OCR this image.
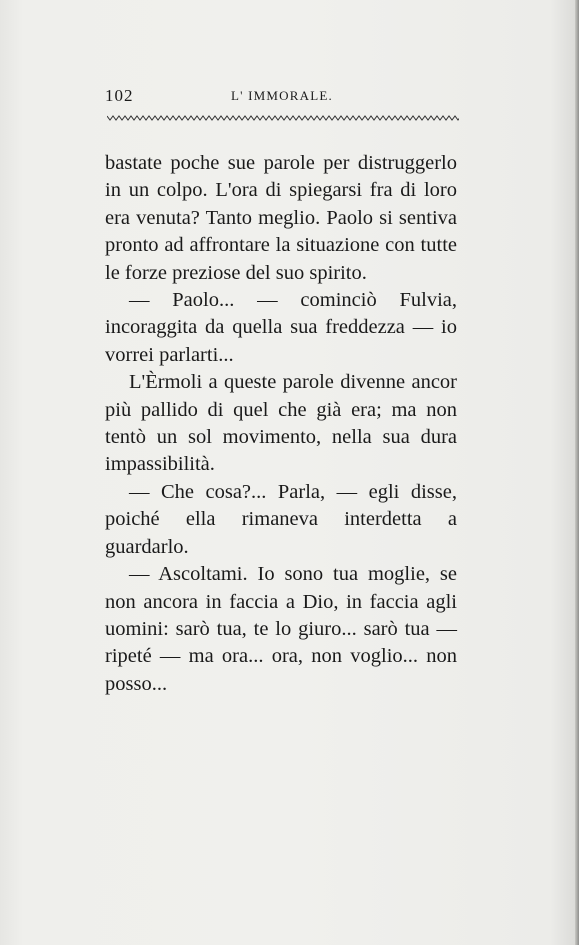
102	L' IMMORALE.

bastate poche sue parole per distruggerlo in un colpo. L'ora di spiegarsi fra di loro era venuta? Tanto meglio. Paolo si sentiva pronto ad affrontare la situazione con tutte le forze preziose del suo spirito.

— Paolo... — cominciò Fulvia, incoraggita da quella sua freddezza — io vorrei parlarti...

L'Èrmoli a queste parole divenne ancor più pallido di quel che già era; ma non tentò un sol movimento, nella sua dura impassibilità.

— Che cosa?... Parla, — egli disse, poiché ella rimaneva interdetta a guardarlo.

— Ascoltami. Io sono tua moglie, se non ancora in faccia a Dio, in faccia agli uomini: sarò tua, te lo giuro... sarò tua — ripeté — ma ora... ora, non voglio... non posso...
